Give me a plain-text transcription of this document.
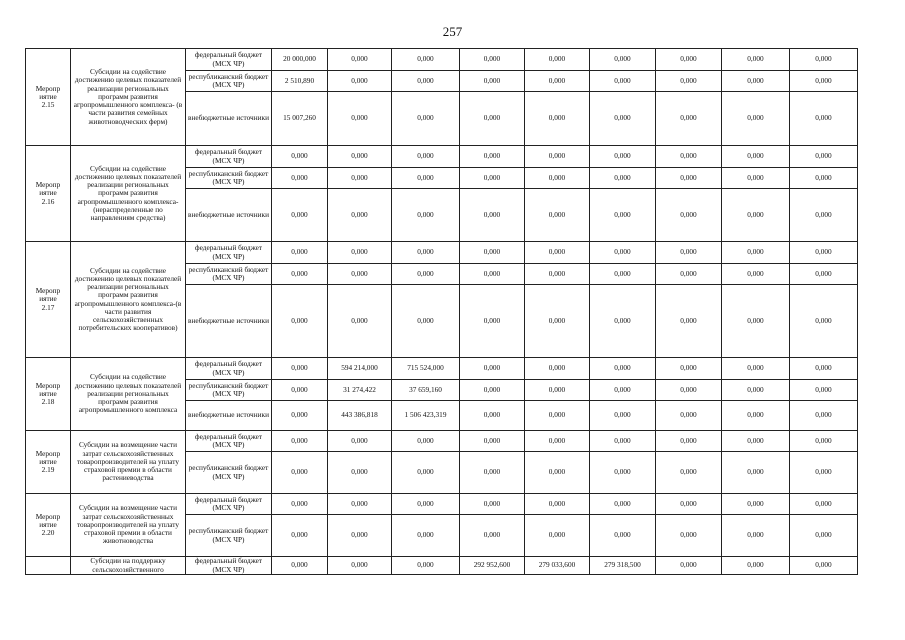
257
Меропр
иятие
2.15	Субсидии на содействие достижению целевых показателей реализации региональных программ развития агропромышленного комплекса- (в части развития семейных животноводческих ферм)	федеральный бюджет (МСХ ЧР)	20 000,000	0,000	0,000	0,000	0,000	0,000	0,000	0,000	0,000
		республиканский бюджет (МСХ ЧР)	2 510,890	0,000	0,000	0,000	0,000	0,000	0,000	0,000	0,000
		внебюджетные источники	15 007,260	0,000	0,000	0,000	0,000	0,000	0,000	0,000	0,000
Меропр
иятие
2.16	Субсидии на содействие достижению целевых показателей реализации региональных программ развития агропромышленного комплекса- (нераспределенные по направлениям средства)	федеральный бюджет (МСХ ЧР)	0,000	0,000	0,000	0,000	0,000	0,000	0,000	0,000	0,000
		республиканский бюджет (МСХ ЧР)	0,000	0,000	0,000	0,000	0,000	0,000	0,000	0,000	0,000
		внебюджетные источники	0,000	0,000	0,000	0,000	0,000	0,000	0,000	0,000	0,000
Меропр
иятие
2.17	Субсидии на содействие достижению целевых показателей реализации региональных программ развития агропромышленного комплекса-(в части развития сельскохозяйственных потребительских кооперативов)	федеральный бюджет (МСХ ЧР)	0,000	0,000	0,000	0,000	0,000	0,000	0,000	0,000	0,000
		республиканский бюджет (МСХ ЧР)	0,000	0,000	0,000	0,000	0,000	0,000	0,000	0,000	0,000
		внебюджетные источники	0,000	0,000	0,000	0,000	0,000	0,000	0,000	0,000	0,000
Меропр
иятие
2.18	Субсидии на содействие достижению целевых показателей реализации региональных программ развития агропромышленного комплекса	федеральный бюджет (МСХ ЧР)	0,000	594 214,000	715 524,000	0,000	0,000	0,000	0,000	0,000	0,000
		республиканский бюджет (МСХ ЧР)	0,000	31 274,422	37 659,160	0,000	0,000	0,000	0,000	0,000	0,000
		внебюджетные источники	0,000	443 386,818	1 506 423,319	0,000	0,000	0,000	0,000	0,000	0,000
Меропр
иятие
2.19	Субсидии на возмещение части затрат сельскохозяйственных товаропроизводителей на уплату страховой премии в области растениеводства	федеральный бюджет (МСХ ЧР)	0,000	0,000	0,000	0,000	0,000	0,000	0,000	0,000	0,000
		республиканский бюджет (МСХ ЧР)	0,000	0,000	0,000	0,000	0,000	0,000	0,000	0,000	0,000
Меропр
иятие
2.20	Субсидии на возмещение части затрат сельскохозяйственных товаропроизводителей на уплату страховой премии в области животноводства	федеральный бюджет (МСХ ЧР)	0,000	0,000	0,000	0,000	0,000	0,000	0,000	0,000	0,000
		республиканский бюджет (МСХ ЧР)	0,000	0,000	0,000	0,000	0,000	0,000	0,000	0,000	0,000
	Субсидии на поддержку сельскохозяйственного	федеральный бюджет (МСХ ЧР)	0,000	0,000	0,000	292 952,600	279 033,600	279 318,500	0,000	0,000	0,000
